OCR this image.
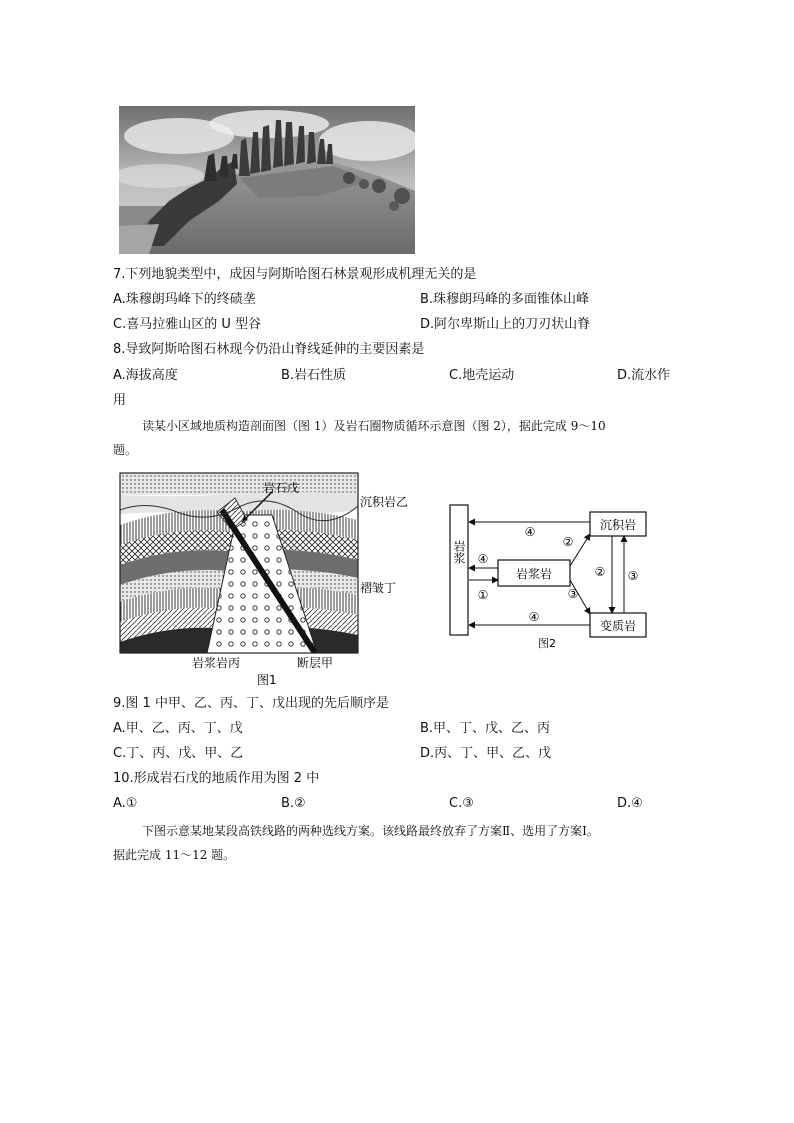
7.下列地貌类型中，成因与阿斯哈图石林景观形成机理无关的是
A.珠穆朗玛峰下的终碛垄	B.珠穆朗玛峰的多面锥体山峰
C.喜马拉雅山区的 U 型谷	D.阿尔卑斯山上的刀刃状山脊
8.导致阿斯哈图石林现今仍沿山脊线延伸的主要因素是
A.海拔高度	B.岩石性质	C.地壳运动	D.流水作
用
读某小区域地质构造剖面图（图 1）及岩石圈物质循环示意图（图 2），据此完成 9～10
题。
岩石戊
沉积岩乙
褶皱丁
岩浆岩丙	断层甲
图1
岩浆
岩浆岩
沉积岩
变质岩
④
④
①
④
②
③
② ③
图2
9.图 1 中甲、乙、丙、丁、戊出现的先后顺序是
A.甲、乙、丙、丁、戊	B.甲、丁、戊、乙、丙
C.丁、丙、戊、甲、乙	D.丙、丁、甲、乙、戊
10.形成岩石戊的地质作用为图 2 中
A.①	B.②	C.③	D.④
下图示意某地某段高铁线路的两种选线方案。该线路最终放弃了方案Ⅱ、选用了方案Ⅰ。
据此完成 11～12 题。
